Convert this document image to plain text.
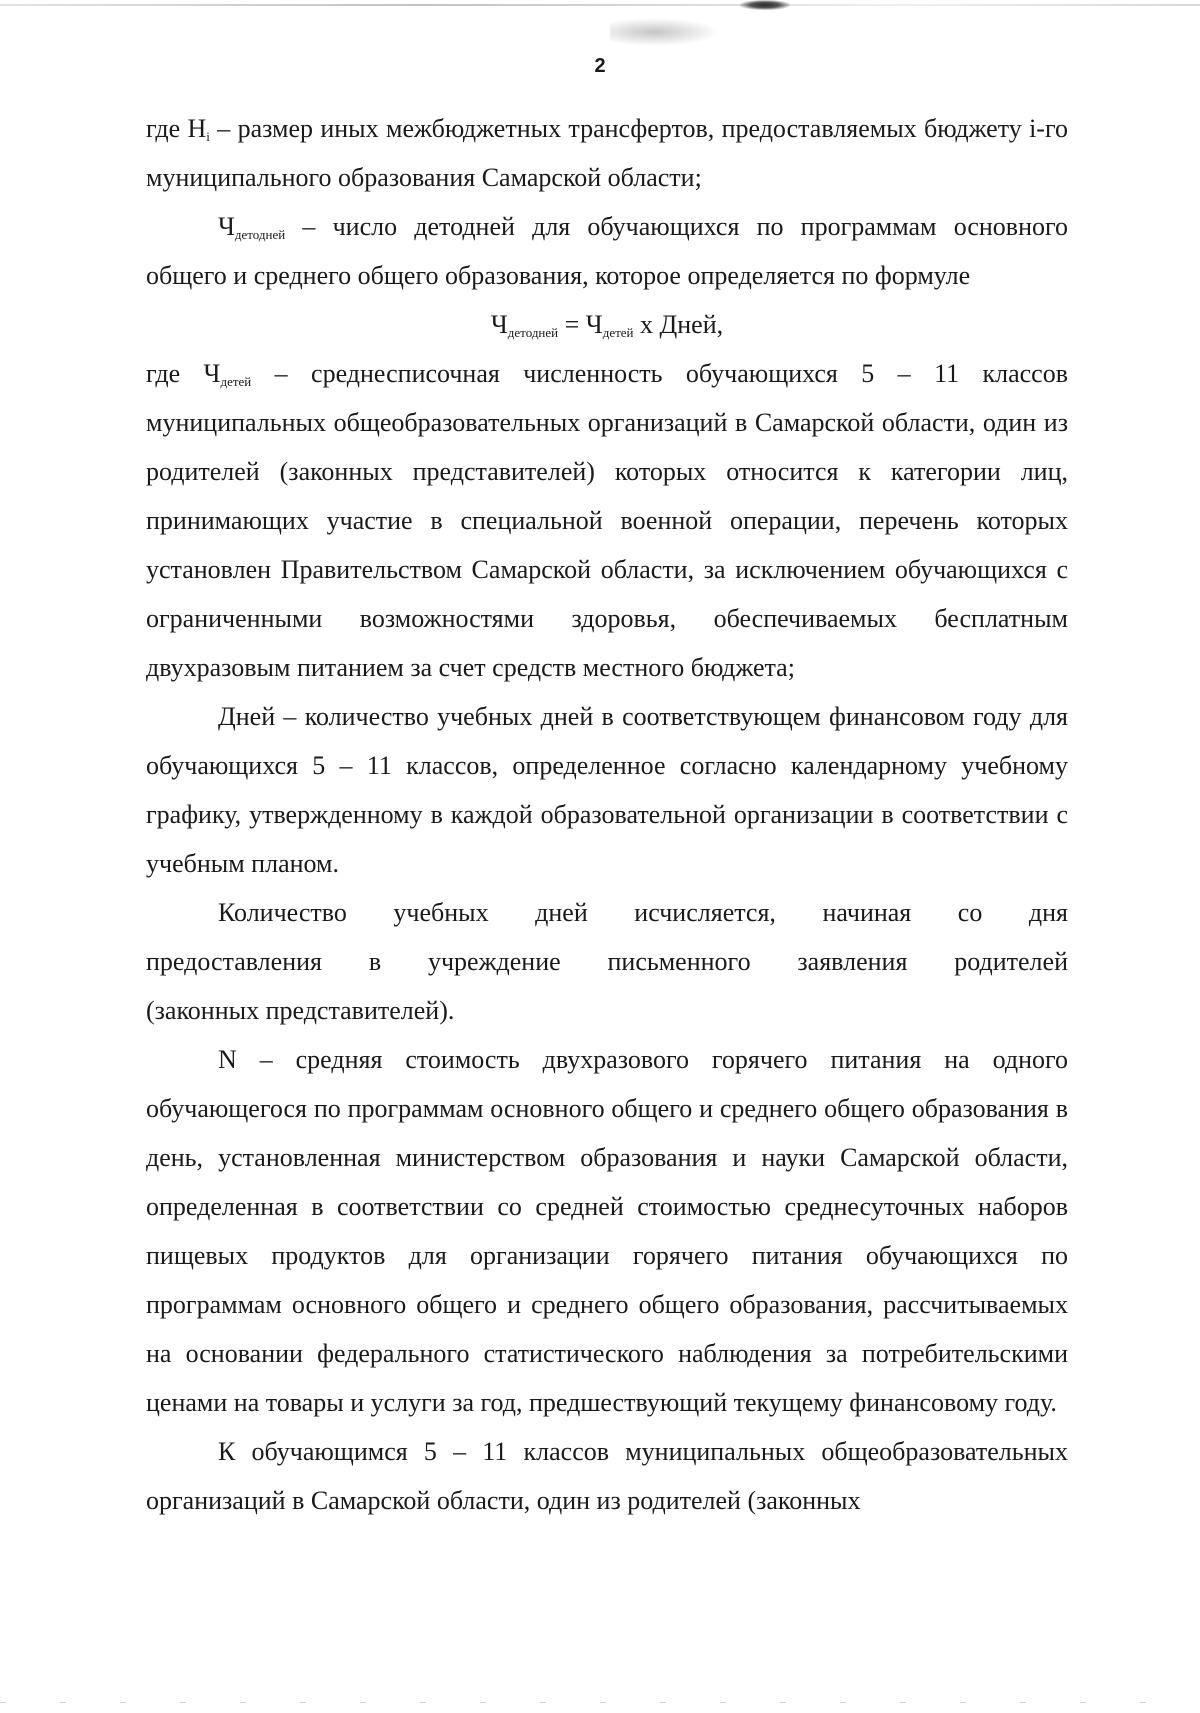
2

где $H_i$ – размер иных межбюджетных трансфертов, предоставляемых бюджету i-го муниципального образования Самарской области;

$Ч_{детодней}$ – число детодней для обучающихся по программам основного общего и среднего общего образования, которое определяется по формуле

$Ч_{детодней} = Ч_{детей}$ x Дней,

где $Ч_{детей}$ – среднесписочная численность обучающихся 5 – 11 классов муниципальных общеобразовательных организаций в Самарской области, один из родителей (законных представителей) которых относится к категории лиц, принимающих участие в специальной военной операции, перечень которых установлен Правительством Самарской области, за исключением обучающихся с ограниченными возможностями здоровья, обеспечиваемых бесплатным двухразовым питанием за счет средств местного бюджета;

Дней – количество учебных дней в соответствующем финансовом году для обучающихся 5 – 11 классов, определенное согласно календарному учебному графику, утвержденному в каждой образовательной организации в соответствии с учебным планом.

Количество учебных дней исчисляется, начиная со дня

предоставления в учреждение письменного заявления родителей

(законных представителей).

N – средняя стоимость двухразового горячего питания на одного обучающегося по программам основного общего и среднего общего образования в день, установленная министерством образования и науки Самарской области, определенная в соответствии со средней стоимостью среднесуточных наборов пищевых продуктов для организации горячего питания обучающихся по программам основного общего и среднего общего образования, рассчитываемых на основании федерального статистического наблюдения за потребительскими ценами на товары и услуги за год, предшествующий текущему финансовому году.

К обучающимся 5 – 11 классов муниципальных общеобразовательных организаций в Самарской области, один из родителей (законных
